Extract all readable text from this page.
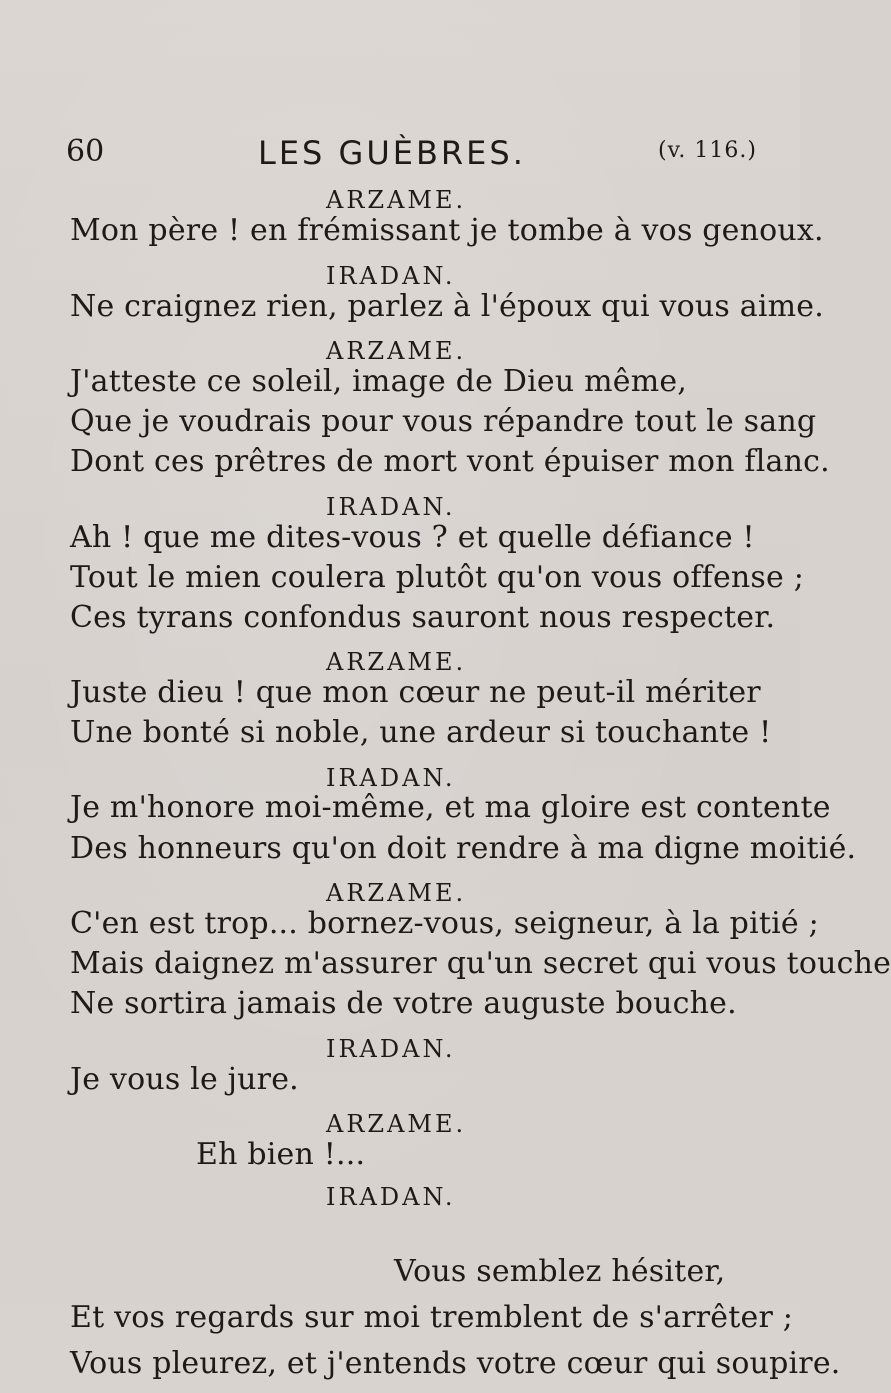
60	LES GUÈBRES.	(v. 116.)
ARZAME.
Mon père ! en frémissant je tombe à vos genoux.
IRADAN.
Ne craignez rien, parlez à l'époux qui vous aime.
ARZAME.
J'atteste ce soleil, image de Dieu même,
Que je voudrais pour vous répandre tout le sang
Dont ces prêtres de mort vont épuiser mon flanc.
IRADAN.
Ah ! que me dites-vous ? et quelle défiance !
Tout le mien coulera plutôt qu'on vous offense ;
Ces tyrans confondus sauront nous respecter.
ARZAME.
Juste dieu ! que mon cœur ne peut-il mériter
Une bonté si noble, une ardeur si touchante !
IRADAN.
Je m'honore moi-même, et ma gloire est contente
Des honneurs qu'on doit rendre à ma digne moitié.
ARZAME.
C'en est trop... bornez-vous, seigneur, à la pitié ;
Mais daignez m'assurer qu'un secret qui vous touche
Ne sortira jamais de votre auguste bouche.
IRADAN.
Je vous le jure.
ARZAME.
Eh bien !...
IRADAN.
Vous semblez hésiter,
Et vos regards sur moi tremblent de s'arrêter ;
Vous pleurez, et j'entends votre cœur qui soupire.
